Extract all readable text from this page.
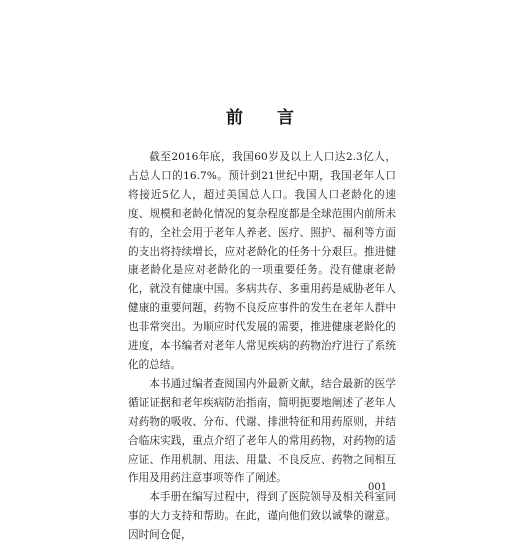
前 言

截至2016年底，我国60岁及以上人口达2.3亿人，占总人口的16.7%。预计到21世纪中期，我国老年人口将接近5亿人，超过美国总人口。我国人口老龄化的速度、规模和老龄化情况的复杂程度都是全球范围内前所未有的，全社会用于老年人养老、医疗、照护、福利等方面的支出将持续增长，应对老龄化的任务十分艰巨。推进健康老龄化是应对老龄化的一项重要任务。没有健康老龄化，就没有健康中国。多病共存、多重用药是威胁老年人健康的重要问题，药物不良反应事件的发生在老年人群中也非常突出。为顺应时代发展的需要，推进健康老龄化的进度，本书编者对老年人常见疾病的药物治疗进行了系统化的总结。

本书通过编者查阅国内外最新文献，结合最新的医学循证证据和老年疾病防治指南，简明扼要地阐述了老年人对药物的吸收、分布、代谢、排泄特征和用药原则，并结合临床实践，重点介绍了老年人的常用药物，对药物的适应证、作用机制、用法、用量、不良反应、药物之间相互作用及用药注意事项等作了阐述。

本手册在编写过程中，得到了医院领导及相关科室同事的大力支持和帮助。在此，谨向他们致以诚挚的谢意。因时间仓促，

001
